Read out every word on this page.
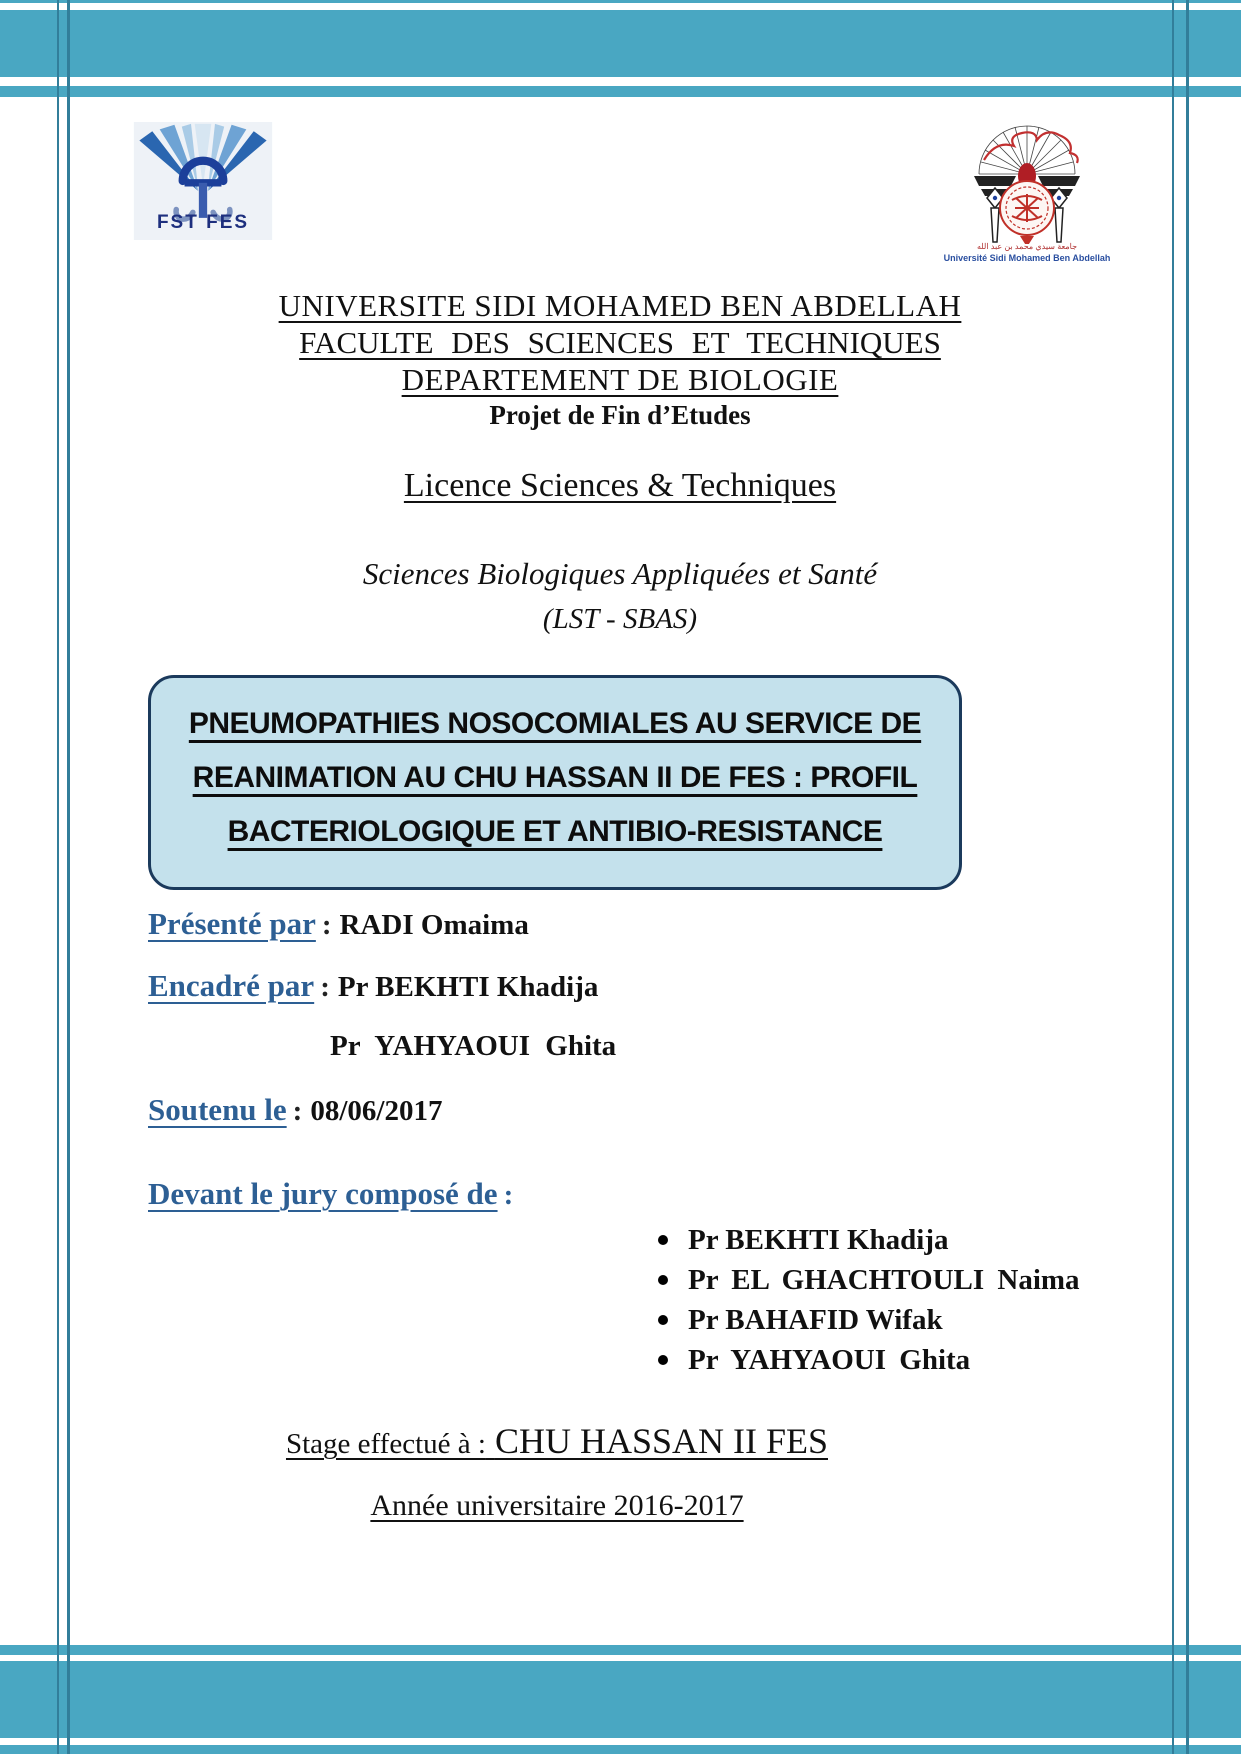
FST FES
جامعة سيدي محمد بن عبد الله
Université Sidi Mohamed Ben Abdellah
UNIVERSITE SIDI MOHAMED BEN ABDELLAH
FACULTE DES SCIENCES ET TECHNIQUES
DEPARTEMENT DE BIOLOGIE
Projet de Fin d’Etudes
Licence Sciences & Techniques
Sciences Biologiques Appliquées et Santé
(LST - SBAS)
PNEUMOPATHIES NOSOCOMIALES AU SERVICE DE
REANIMATION AU CHU HASSAN II DE FES : PROFIL
BACTERIOLOGIQUE ET ANTIBIO-RESISTANCE
Présenté par : RADI Omaima
Encadré par : Pr BEKHTI Khadija
Pr YAHYAOUI Ghita
Soutenu le : 08/06/2017
Devant le jury composé de :
Pr BEKHTI Khadija
Pr EL GHACHTOULI Naima
Pr BAHAFID Wifak
Pr YAHYAOUI Ghita
Stage effectué à : CHU HASSAN II FES
Année universitaire 2016-2017
